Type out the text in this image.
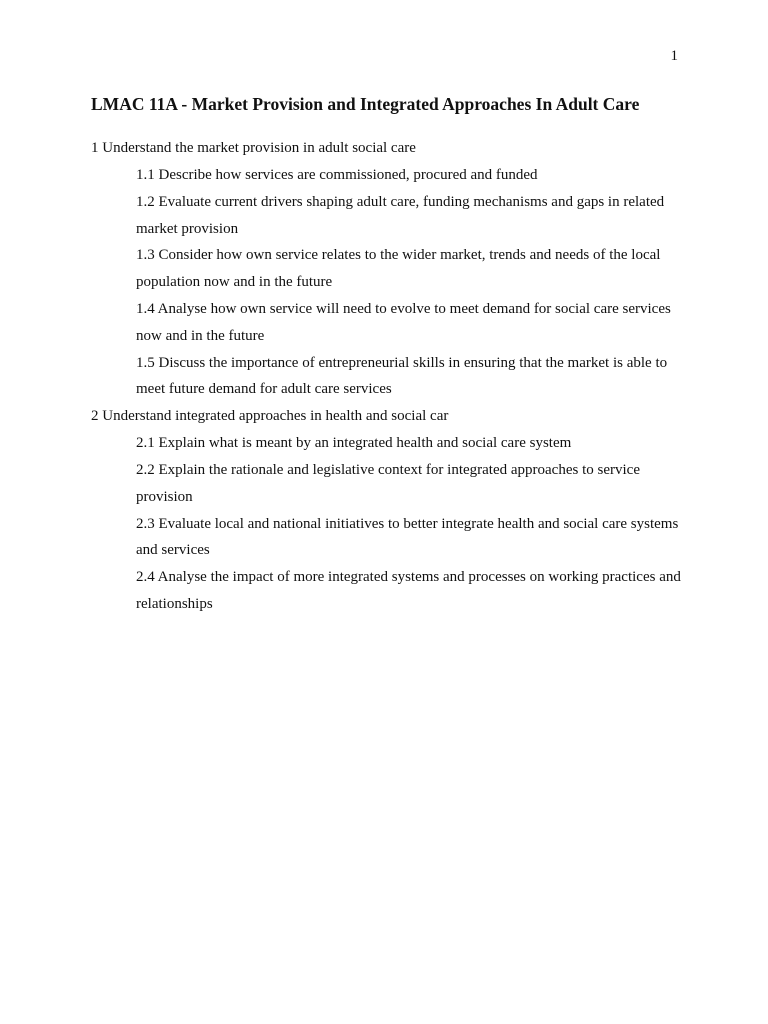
1
LMAC 11A - Market Provision and Integrated Approaches In Adult Care
1 Understand the market provision in adult social care
1.1 Describe how services are commissioned, procured and funded
1.2 Evaluate current drivers shaping adult care, funding mechanisms and gaps in related market provision
1.3 Consider how own service relates to the wider market, trends and needs of the local population now and in the future
1.4 Analyse how own service will need to evolve to meet demand for social care services now and in the future
1.5 Discuss the importance of entrepreneurial skills in ensuring that the market is able to meet future demand for adult care services
2 Understand integrated approaches in health and social car
2.1 Explain what is meant by an integrated health and social care system
2.2 Explain the rationale and legislative context for integrated approaches to service provision
2.3 Evaluate local and national initiatives to better integrate health and social care systems and services
2.4 Analyse the impact of more integrated systems and processes on working practices and relationships
